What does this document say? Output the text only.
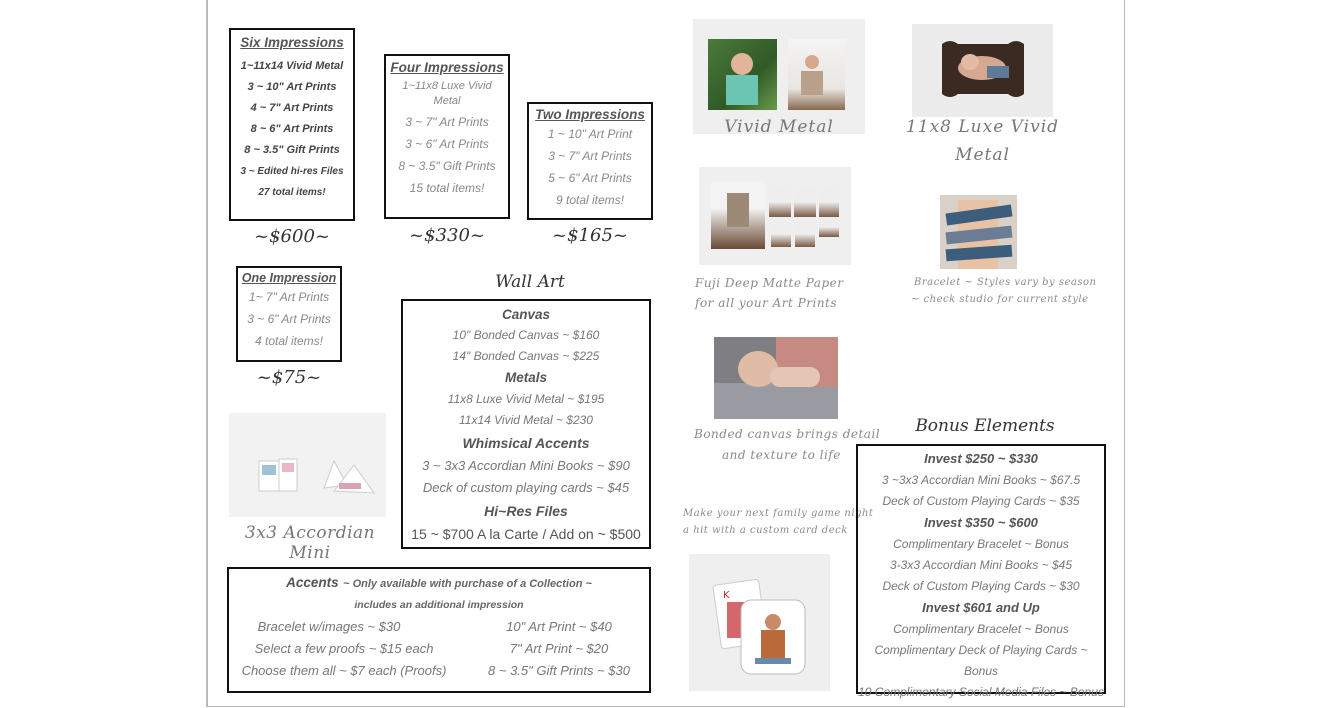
Six Impressions
1~11x14 Vivid Metal
3 ~ 10" Art Prints
4 ~ 7" Art Prints
8 ~ 6" Art Prints
8 ~ 3.5" Gift Prints
3 ~ Edited hi-res Files
27 total items!
~$600~
Four Impressions
1~11x8 Luxe Vivid Metal
3 ~ 7" Art Prints
3 ~ 6" Art Prints
8 ~ 3.5" Gift Prints
15 total items!
~$330~
Two Impressions
1 ~ 10" Art Print
3 ~ 7" Art Prints
5 ~ 6" Art Prints
9 total items!
~$165~
One Impression
1~ 7" Art Prints
3 ~ 6" Art Prints
4 total items!
~$75~
3x3 Accordian Mini
Wall Art
Canvas
10" Bonded Canvas ~ $160
14" Bonded Canvas ~ $225
Metals
11x8 Luxe Vivid Metal ~ $195
11x14 Vivid Metal ~ $230
Whimsical Accents
3 ~ 3x3 Accordian Mini Books ~ $90
Deck of custom playing cards ~ $45
Hi~Res Files
15 ~ $700 A la Carte / Add on ~ $500
Accents ~ Only available with purchase of a Collection ~
includes an additional impression
Bracelet w/images ~ $30
Select a few proofs ~ $15 each
Choose them all ~ $7 each (Proofs)
10" Art Print ~ $40
7" Art Print ~ $20
8 ~ 3.5" Gift Prints ~ $30
Vivid Metal	11x8 Luxe Vivid
Metal
Fuji Deep Matte Paper
for all your Art Prints
Bracelet ~ Styles vary by season
~ check studio for current style
Bonded canvas brings detail
and texture to life
Make your next family game night
a hit with a custom card deck
K
Bonus Elements
Invest $250 ~ $330
3 ~3x3 Accordian Mini Books ~ $67.5
Deck of Custom Playing Cards ~ $35
Invest $350 ~ $600
Complimentary Bracelet ~ Bonus
3-3x3 Accordian Mini Books ~ $45
Deck of Custom Playing Cards ~ $30
Invest $601 and Up
Complimentary Bracelet ~ Bonus
Complimentary Deck of Playing Cards ~ Bonus
10 Complimentary Social Media Files ~ Bonus
